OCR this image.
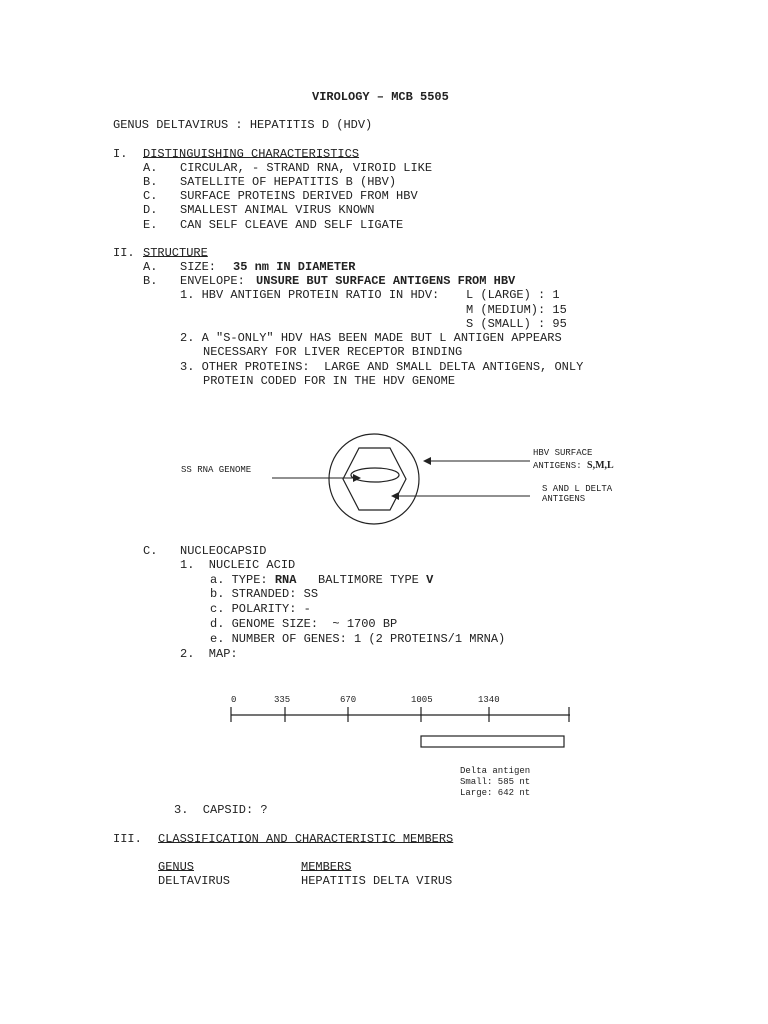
VIROLOGY – MCB 5505
GENUS DELTAVIRUS : HEPATITIS D (HDV)
I. DISTINGUISHING CHARACTERISTICS
A. CIRCULAR, - STRAND RNA, VIROID LIKE
B. SATELLITE OF HEPATITIS B (HBV)
C. SURFACE PROTEINS DERIVED FROM HBV
D. SMALLEST ANIMAL VIRUS KNOWN
E. CAN SELF CLEAVE AND SELF LIGATE
II. STRUCTURE
A. SIZE: 35 nm IN DIAMETER
B. ENVELOPE: UNSURE BUT SURFACE ANTIGENS FROM HBV
1. HBV ANTIGEN PROTEIN RATIO IN HDV: L (LARGE) : 1
M (MEDIUM): 15
S (SMALL) : 95
2. A "S-ONLY" HDV HAS BEEN MADE BUT L ANTIGEN APPEARS
NECESSARY FOR LIVER RECEPTOR BINDING
3. OTHER PROTEINS:  LARGE AND SMALL DELTA ANTIGENS, ONLY
PROTEIN CODED FOR IN THE HDV GENOME
SS RNA GENOME
HBV SURFACE
ANTIGENS: S,M,L
S AND L DELTA
ANTIGENS
C. NUCLEOCAPSID
1.  NUCLEIC ACID
a. TYPE: RNA BALTIMORE TYPE V
b. STRANDED: SS
c. POLARITY: -
d. GENOME SIZE:  ~ 1700 BP
e. NUMBER OF GENES: 1 (2 PROTEINS/1 MRNA)
2.  MAP:
0	335	670	1005	1340
Delta antigen
Small: 585 nt
Large: 642 nt
3.  CAPSID: ?
III. CLASSIFICATION AND CHARACTERISTIC MEMBERS
GENUS	MEMBERS
DELTAVIRUS	HEPATITIS DELTA VIRUS
